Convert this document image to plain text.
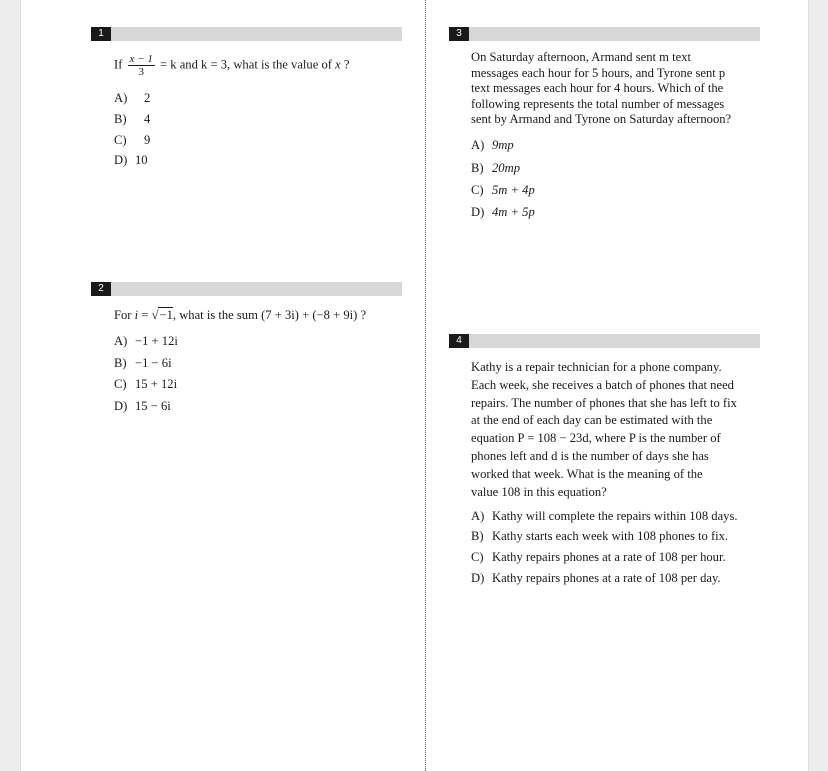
1
If $\frac{x - 1}{3} = k$ and k = 3, what is the value of x ?
A) 2
B) 4
C) 9
D) 10
2
For i = √−1, what is the sum (7 + 3i) + (−8 + 9i) ?
A) −1 + 12i
B) −1 − 6i
C) 15 + 12i
D) 15 − 6i
3
On Saturday afternoon, Armand sent m text
messages each hour for 5 hours, and Tyrone sent p
text messages each hour for 4 hours. Which of the
following represents the total number of messages
sent by Armand and Tyrone on Saturday afternoon?
A) 9mp
B) 20mp
C) 5m + 4p
D) 4m + 5p
4
Kathy is a repair technician for a phone company.
Each week, she receives a batch of phones that need
repairs. The number of phones that she has left to fix
at the end of each day can be estimated with the
equation P = 108 − 23d, where P is the number of
phones left and d is the number of days she has
worked that week. What is the meaning of the
value 108 in this equation?
A) Kathy will complete the repairs within 108 days.
B) Kathy starts each week with 108 phones to fix.
C) Kathy repairs phones at a rate of 108 per hour.
D) Kathy repairs phones at a rate of 108 per day.
